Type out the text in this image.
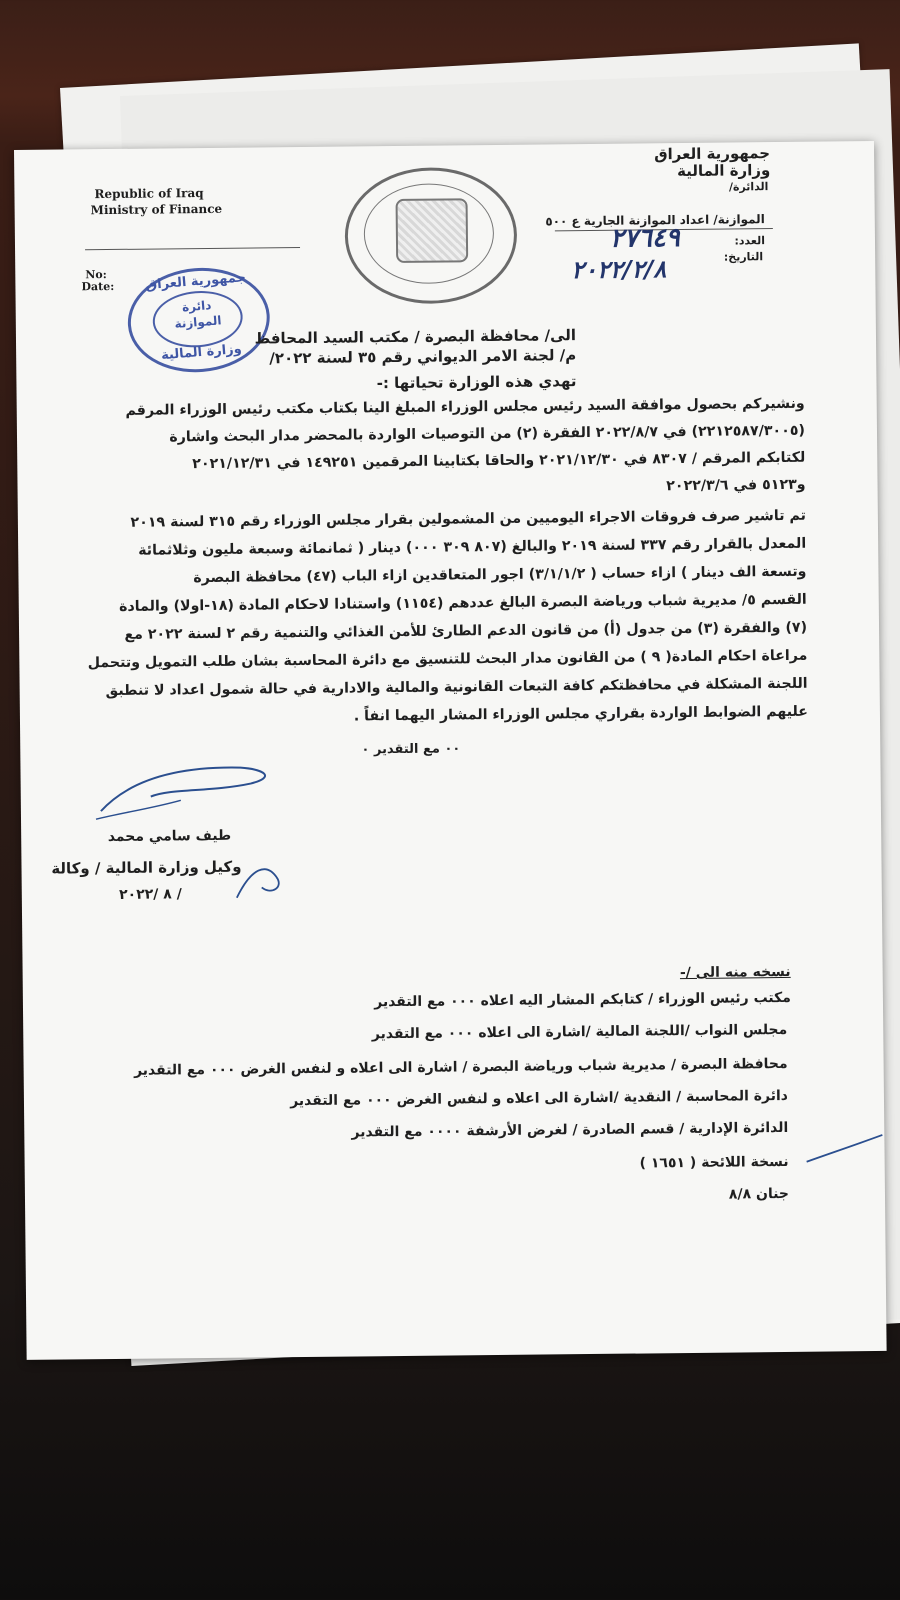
Republic of Iraq
Ministry of Finance
No:
Date:
جمهورية العراق
وزارة المالية
الدائرة/
الموازنة/ اعداد الموازنة الجارية ع ٥٠٠
العدد:
٢٧٦٤٩
التاريخ:
٢٠٢٢/٢/٨
جمهورية العراق
دائرة
الموازنة
وزارة المالية
الى/ محافظة البصرة / مكتب السيد المحافظ
م/ لجنة الامر الديواني رقم ٣٥ لسنة ٢٠٢٢/
تهدي هذه الوزارة تحياتها :-
ونشيركم بحصول موافقة السيد رئيس مجلس الوزراء المبلغ الينا بكتاب مكتب رئيس الوزراء المرقم
(٢٢١٢٥٨٧/٣٠٠٥) في ٢٠٢٢/٨/٧ الفقرة (٢) من التوصيات الواردة بالمحضر مدار البحث واشارة
لكتابكم المرقم / ٨٣٠٧ في ٢٠٢١/١٢/٣٠ والحاقا بكتابينا المرقمين ١٤٩٢٥١ في ٢٠٢١/١٢/٣١
و٥١٢٣ في ٢٠٢٢/٣/٦
تم تاشير صرف فروقات الاجراء اليوميين من المشمولين بقرار مجلس الوزراء رقم ٣١٥ لسنة ٢٠١٩
المعدل بالقرار رقم ٣٣٧ لسنة ٢٠١٩ والبالغ (٨٠٧ ٣٠٩ ٠٠٠) دينار ( ثمانمائة وسبعة مليون وثلاثمائة
وتسعة الف دينار ) ازاء حساب ( ٣/١/١/٢) اجور المتعاقدين ازاء الباب (٤٧) محافظة البصرة
القسم ٥/ مديرية شباب ورياضة البصرة البالغ عددهم (١١٥٤) واستنادا لاحكام المادة (١٨-اولا) والمادة
(٧) والفقرة (٣) من جدول (أ) من قانون الدعم الطارئ للأمن الغذائي والتنمية رقم ٢ لسنة ٢٠٢٢ مع
مراعاة احكام المادة( ٩ ) من القانون مدار البحث للتنسيق مع دائرة المحاسبة بشان طلب التمويل وتتحمل
اللجنة المشكلة في محافظتكم كافة التبعات القانونية والمالية والادارية في حالة شمول اعداد لا تنطبق
عليهم الضوابط الواردة بقراري مجلس الوزراء المشار اليهما انفاً .
٠٠ مع التقدير ٠
طيف سامي محمد
وكيل وزارة المالية / وكالة
/ ٨ /٢٠٢٢
نسخه منه الى /-
مكتب رئيس الوزراء / كتابكم المشار اليه اعلاه ٠٠٠ مع التقدير
مجلس النواب /اللجنة المالية /اشارة الى اعلاه ٠٠٠ مع التقدير
محافظة البصرة / مديرية شباب ورياضة البصرة / اشارة الى اعلاه و لنفس الغرض ٠٠٠ مع التقدير
دائرة المحاسبة / النقدية /اشارة الى اعلاه و لنفس الغرض ٠٠٠ مع التقدير
الدائرة الإدارية / قسم الصادرة / لغرض الأرشفة ٠٠٠٠ مع التقدير
نسخة اللائحة ( ١٦٥١ )
جنان ٨/٨
